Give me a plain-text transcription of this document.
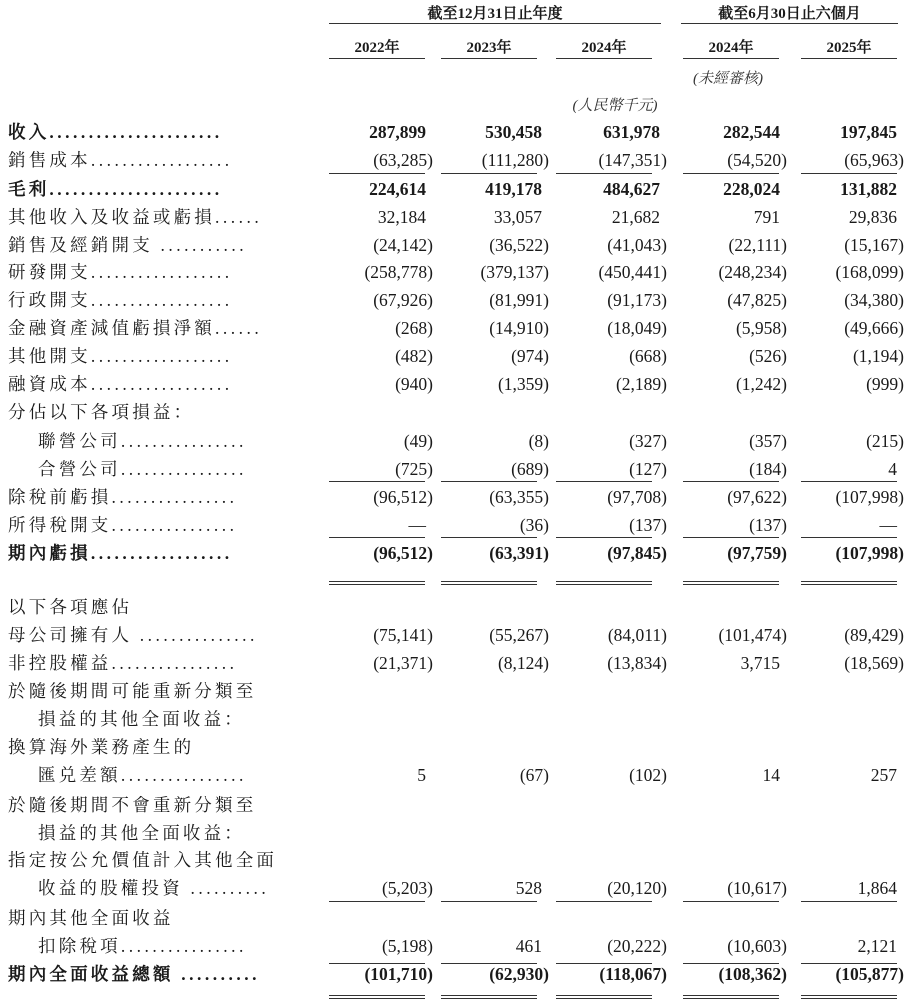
截至12月31日止年度	截至6月30日止六個月
2022年	2023年	2024年	2024年	2025年
(未經審核)
(人民幣千元)
收入......................	287,899	530,458	631,978	282,544	197,845
銷售成本..................	(63,285)	(111,280)	(147,351)	(54,520)	(65,963)
毛利......................	224,614	419,178	484,627	228,024	131,882
其他收入及收益或虧損......	32,184	33,057	21,682	791	29,836
銷售及經銷開支 ...........	(24,142)	(36,522)	(41,043)	(22,111)	(15,167)
研發開支..................	(258,778)	(379,137)	(450,441)	(248,234)	(168,099)
行政開支..................	(67,926)	(81,991)	(91,173)	(47,825)	(34,380)
金融資產減值虧損淨額......	(268)	(14,910)	(18,049)	(5,958)	(49,666)
其他開支..................	(482)	(974)	(668)	(526)	(1,194)
融資成本..................	(940)	(1,359)	(2,189)	(1,242)	(999)
分佔以下各項損益：
聯營公司................	(49)	(8)	(327)	(357)	(215)
合營公司................	(725)	(689)	(127)	(184)	4
除稅前虧損................	(96,512)	(63,355)	(97,708)	(97,622)	(107,998)
所得稅開支................	—	(36)	(137)	(137)	—
期內虧損..................	(96,512)	(63,391)	(97,845)	(97,759)	(107,998)
以下各項應佔
母公司擁有人 ...............	(75,141)	(55,267)	(84,011)	(101,474)	(89,429)
非控股權益................	(21,371)	(8,124)	(13,834)	3,715	(18,569)
於隨後期間可能重新分類至
損益的其他全面收益：
換算海外業務產生的
匯兑差額................	5	(67)	(102)	14	257
於隨後期間不會重新分類至
損益的其他全面收益：
指定按公允價值計入其他全面
收益的股權投資 ..........	(5,203)	528	(20,120)	(10,617)	1,864
期內其他全面收益
扣除稅項................	(5,198)	461	(20,222)	(10,603)	2,121
期內全面收益總額 ..........	(101,710)	(62,930)	(118,067)	(108,362)	(105,877)
